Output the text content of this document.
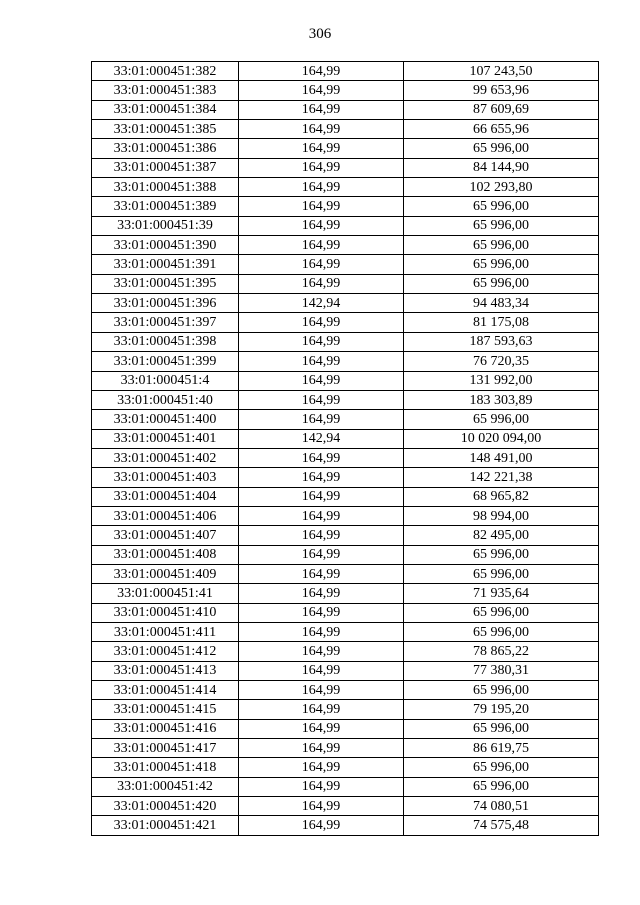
306
33:01:000451:382	164,99	107 243,50
33:01:000451:383	164,99	99 653,96
33:01:000451:384	164,99	87 609,69
33:01:000451:385	164,99	66 655,96
33:01:000451:386	164,99	65 996,00
33:01:000451:387	164,99	84 144,90
33:01:000451:388	164,99	102 293,80
33:01:000451:389	164,99	65 996,00
33:01:000451:39	164,99	65 996,00
33:01:000451:390	164,99	65 996,00
33:01:000451:391	164,99	65 996,00
33:01:000451:395	164,99	65 996,00
33:01:000451:396	142,94	94 483,34
33:01:000451:397	164,99	81 175,08
33:01:000451:398	164,99	187 593,63
33:01:000451:399	164,99	76 720,35
33:01:000451:4	164,99	131 992,00
33:01:000451:40	164,99	183 303,89
33:01:000451:400	164,99	65 996,00
33:01:000451:401	142,94	10 020 094,00
33:01:000451:402	164,99	148 491,00
33:01:000451:403	164,99	142 221,38
33:01:000451:404	164,99	68 965,82
33:01:000451:406	164,99	98 994,00
33:01:000451:407	164,99	82 495,00
33:01:000451:408	164,99	65 996,00
33:01:000451:409	164,99	65 996,00
33:01:000451:41	164,99	71 935,64
33:01:000451:410	164,99	65 996,00
33:01:000451:411	164,99	65 996,00
33:01:000451:412	164,99	78 865,22
33:01:000451:413	164,99	77 380,31
33:01:000451:414	164,99	65 996,00
33:01:000451:415	164,99	79 195,20
33:01:000451:416	164,99	65 996,00
33:01:000451:417	164,99	86 619,75
33:01:000451:418	164,99	65 996,00
33:01:000451:42	164,99	65 996,00
33:01:000451:420	164,99	74 080,51
33:01:000451:421	164,99	74 575,48
